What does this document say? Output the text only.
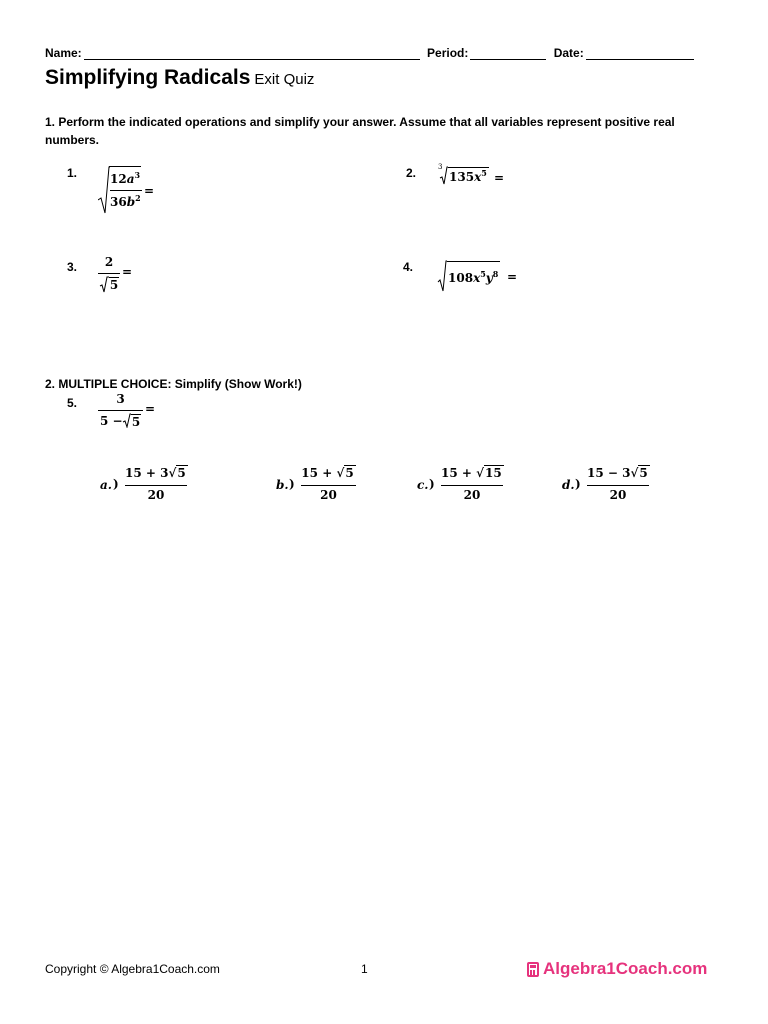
Name:	Period:	Date:
Simplifying Radicals Exit Quiz
1. Perform the indicated operations and simplify your answer. Assume that all variables represent positive real numbers.
1.	$12a^3$
$36b^2$ =
2.	3
$135x^5$ =
3.	2
5
=	4.
$108x^5y^8$ =
2. MULTIPLE CHOICE: Simplify (Show Work!)
5.	3
5 − 5
=
a. )
15 + 3√5
20
b. )
15 + √5
20
c. )
15 + √15
20
d. )
15 − 3√5
20
Copyright © Algebra1Coach.com	1	Algebra1Coach.com
